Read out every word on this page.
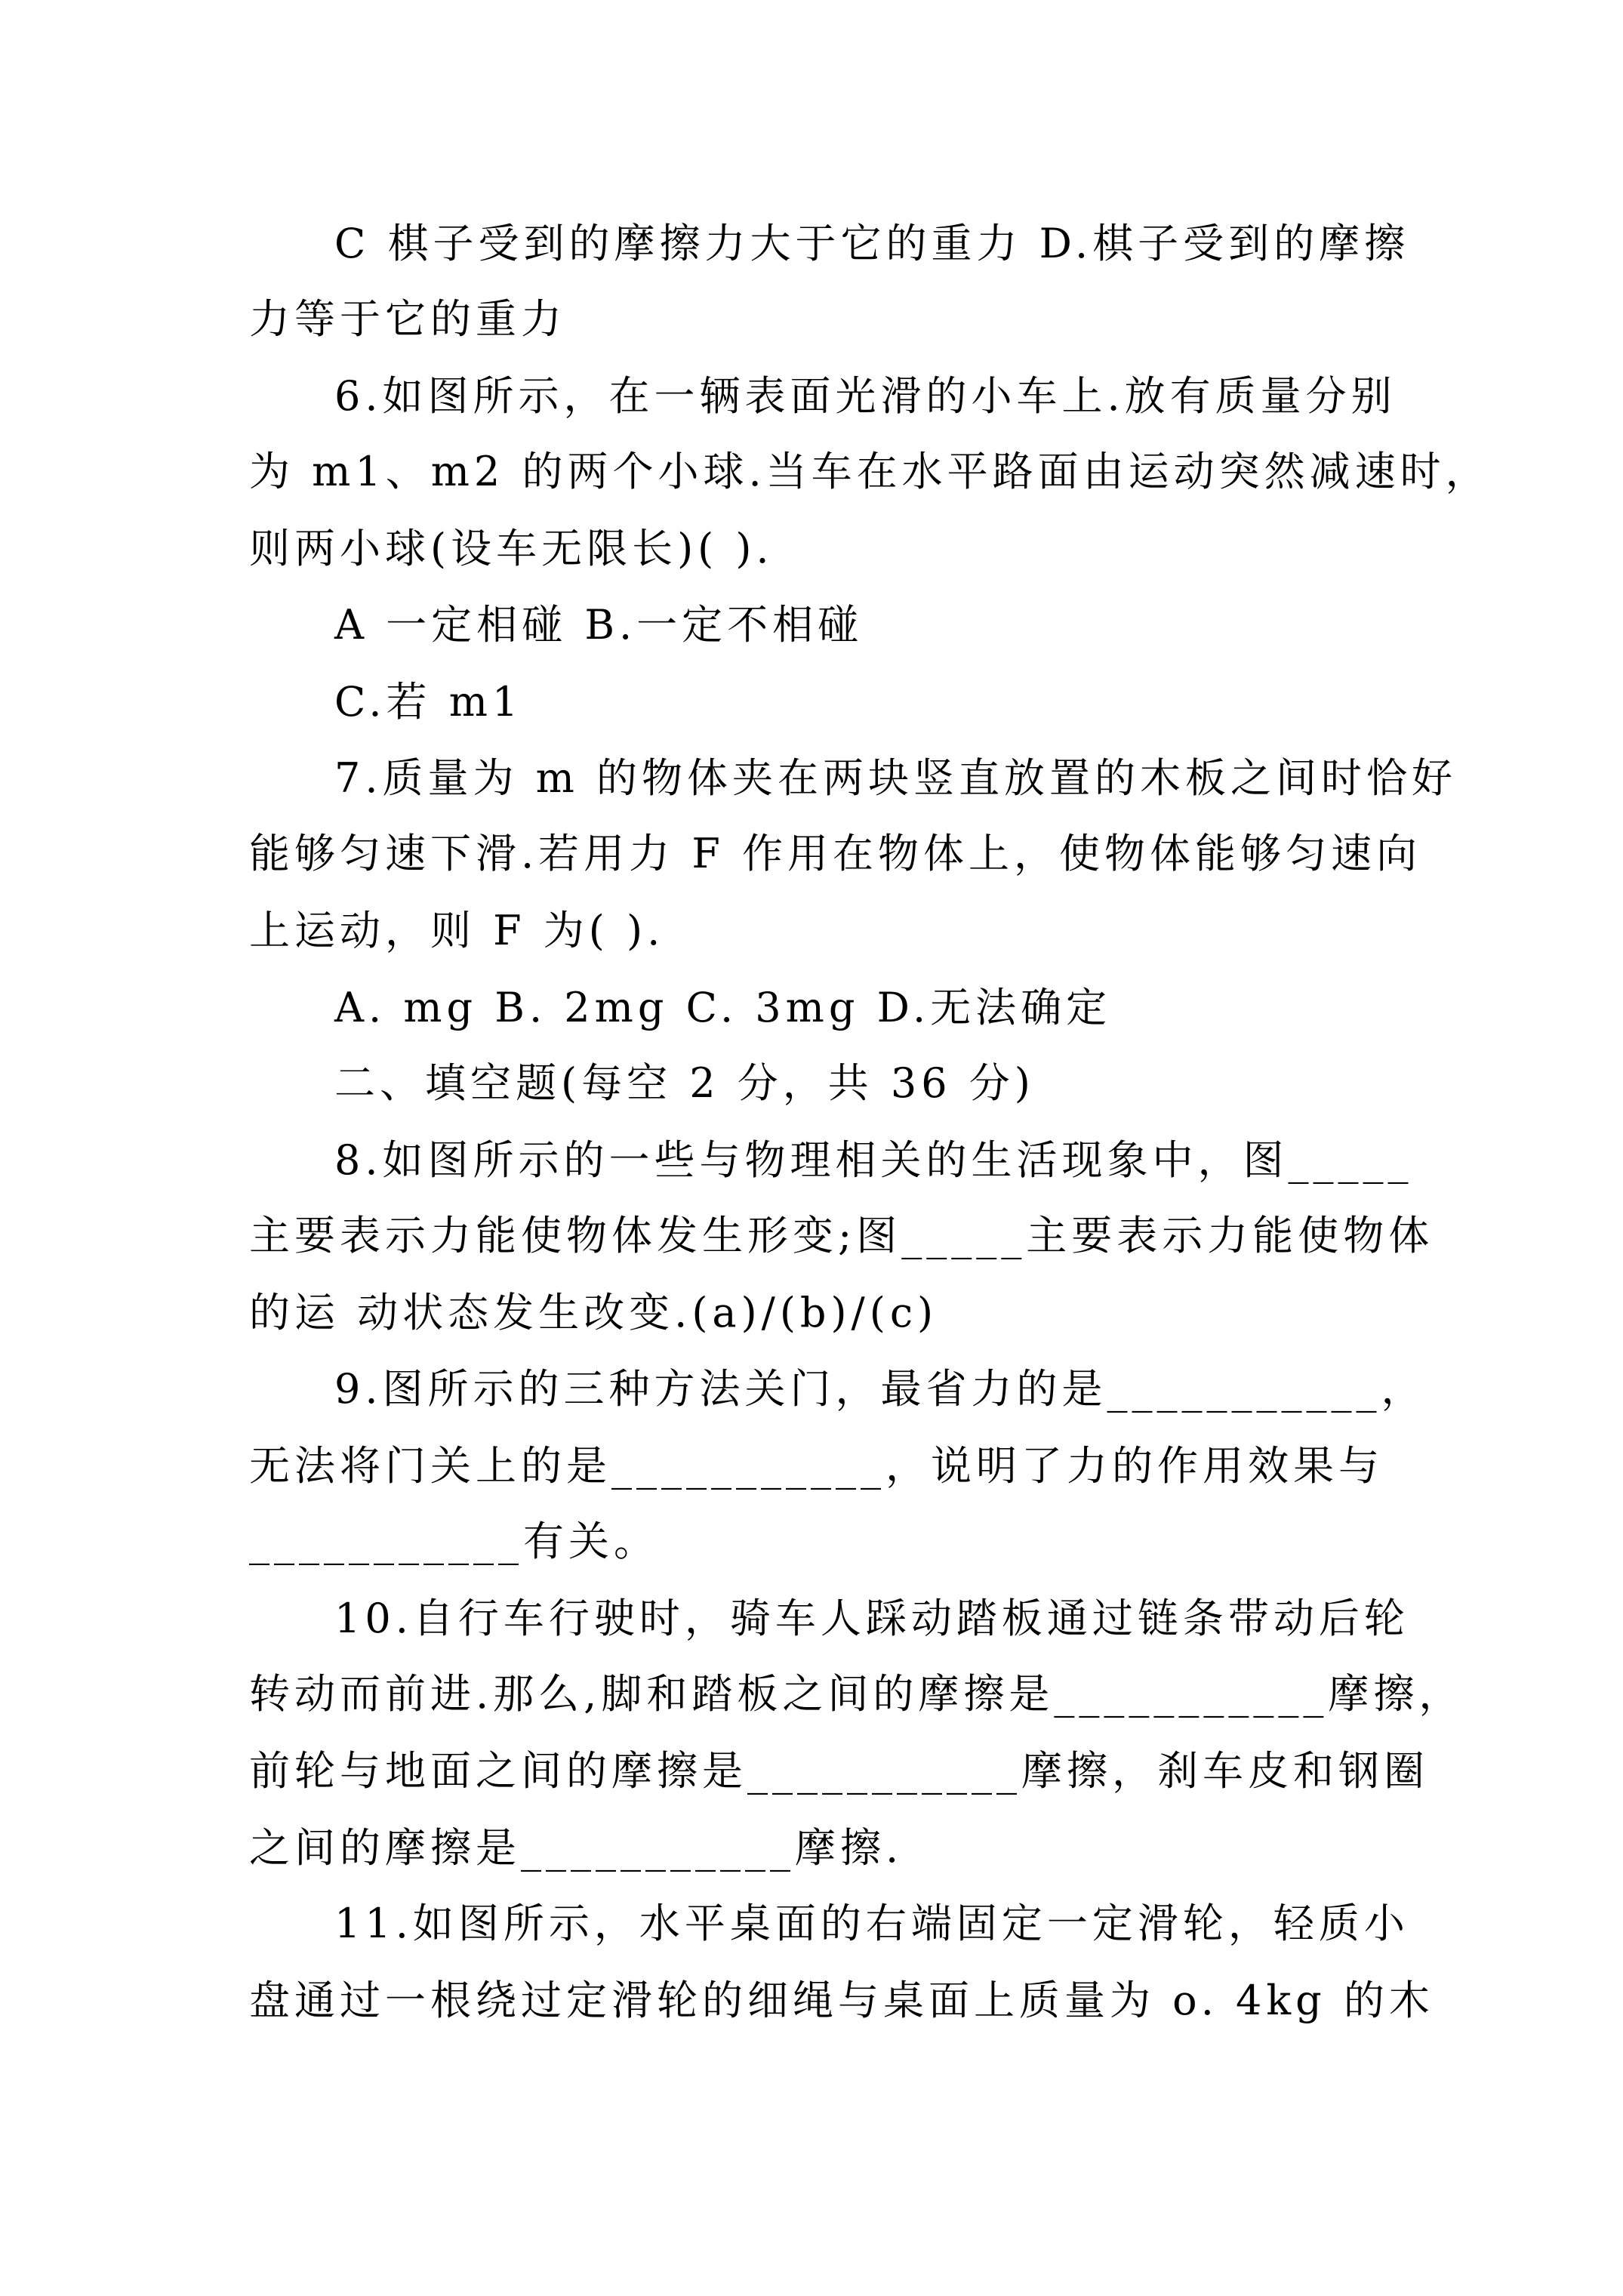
C 棋子受到的摩擦力大于它的重力 D.棋子受到的摩擦
力等于它的重力
6.如图所示，在一辆表面光滑的小车上.放有质量分别
为 m1、m2 的两个小球.当车在水平路面由运动突然减速时，
则两小球(设车无限长)( ).
A 一定相碰 B.一定不相碰
C.若 m1
7.质量为 m 的物体夹在两块竖直放置的木板之间时恰好
能够匀速下滑.若用力 F 作用在物体上，使物体能够匀速向
上运动，则 F 为( ).
A. mg B. 2mg C. 3mg D.无法确定
二、填空题(每空 2 分，共 36 分)
8.如图所示的一些与物理相关的生活现象中，图_____
主要表示力能使物体发生形变;图_____主要表示力能使物体
的运 动状态发生改变.(a)/(b)/(c)
9.图所示的三种方法关门，最省力的是___________，
无法将门关上的是___________，说明了力的作用效果与
___________有关。
10.自行车行驶时，骑车人踩动踏板通过链条带动后轮
转动而前进.那么,脚和踏板之间的摩擦是___________摩擦，
前轮与地面之间的摩擦是___________摩擦，刹车皮和钢圈
之间的摩擦是___________摩擦.
11.如图所示，水平桌面的右端固定一定滑轮，轻质小
盘通过一根绕过定滑轮的细绳与桌面上质量为 o. 4kg 的木
